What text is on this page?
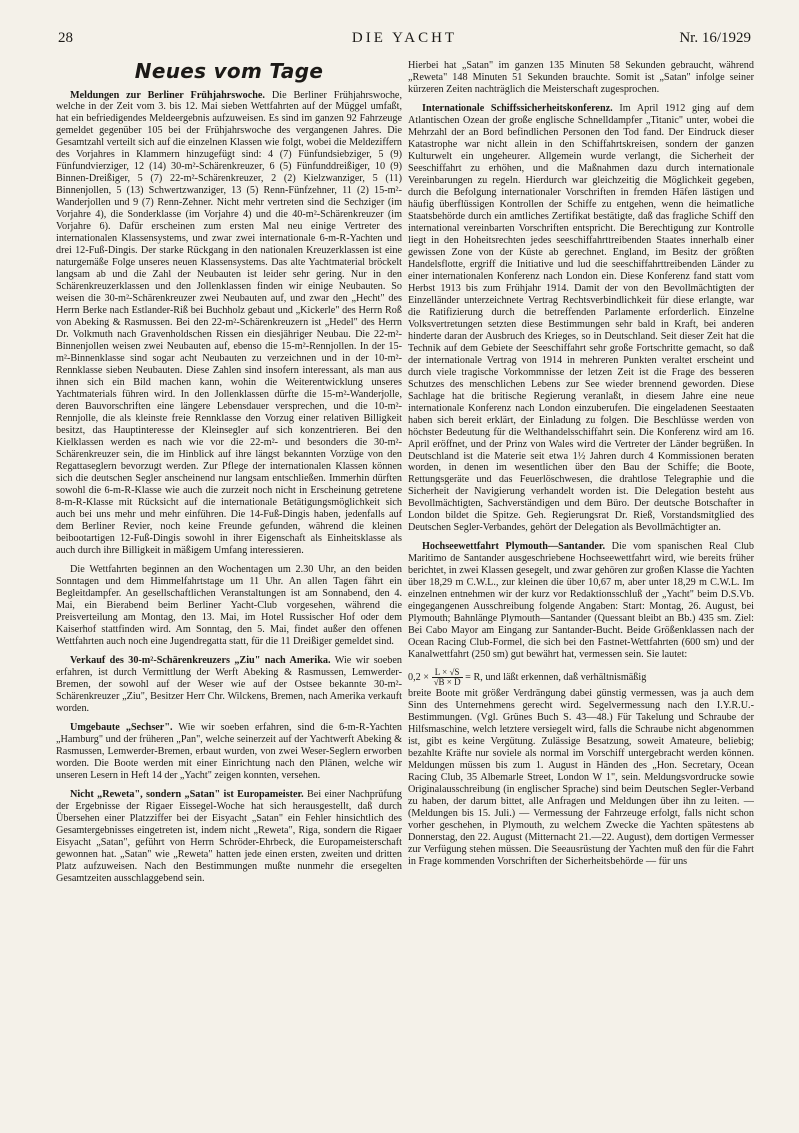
28	DIE YACHT	Nr. 16/1929
Neues vom Tage

Meldungen zur Berliner Frühjahrswoche. Die Berliner Frühjahrswoche, welche in der Zeit vom 3. bis 12. Mai sieben Wettfahrten auf der Müggel umfaßt, hat ein befriedigendes Meldeergebnis aufzuweisen. Es sind im ganzen 92 Fahrzeuge gemeldet gegenüber 105 bei der Frühjahrswoche des vergangenen Jahres. Die Gesamtzahl verteilt sich auf die einzelnen Klassen wie folgt, wobei die Meldeziffern des Vorjahres in Klammern hinzugefügt sind: 4 (7) Fünfundsiebziger, 5 (9) Fünfundvierziger, 12 (14) 30-m²-Schärenkreuzer, 6 (5) Fünfunddreißiger, 10 (9) Binnen-Dreißiger, 5 (7) 22-m²-Schärenkreuzer, 2 (2) Kielzwanziger, 5 (11) Binnenjollen, 5 (13) Schwertzwanziger, 13 (5) Renn-Fünfzehner, 11 (2) 15-m²-Wanderjollen und 9 (7) Renn-Zehner. Nicht mehr vertreten sind die Sechziger (im Vorjahre 4), die Sonderklasse (im Vorjahre 4) und die 40-m²-Schärenkreuzer (im Vorjahre 6). Dafür erscheinen zum ersten Mal neu einige Vertreter des internationalen Klassensystems, und zwar zwei internationale 6-m-R-Yachten und drei 12-Fuß-Dingis. Der starke Rückgang in den nationalen Kreuzerklassen ist eine naturgemäße Folge unseres neuen Klassensystems. Das alte Yachtmaterial bröckelt langsam ab und die Zahl der Neubauten ist leider sehr gering. Nur in den Schärenkreuzerklassen und den Jollenklassen finden wir einige Neubauten. So weisen die 30-m²-Schärenkreuzer zwei Neubauten auf, und zwar den „Hecht" des Herrn Berke nach Estlander-Riß bei Buchholz gebaut und „Kickerle" des Herrn Roß von Abeking & Rasmussen. Bei den 22-m²-Schärenkreuzern ist „Hedel" des Herrn Dr. Volkmuth nach Gravenholdschen Rissen ein diesjähriger Neubau. Die 22-m²-Binnenjollen weisen zwei Neubauten auf, ebenso die 15-m²-Rennjollen. In der 15-m²-Binnenklasse sind sogar acht Neubauten zu verzeichnen und in der 10-m²-Rennklasse sieben Neubauten. Diese Zahlen sind insofern interessant, als man aus ihnen sich ein Bild machen kann, wohin die Weiterentwicklung unseres Yachtmaterials führen wird. In den Jollenklassen dürfte die 15-m²-Wanderjolle, deren Bauvorschriften eine längere Lebensdauer versprechen, und die 10-m²-Rennjolle, die als kleinste freie Rennklasse den Vorzug einer relativen Billigkeit besitzt, das Hauptinteresse der Kleinsegler auf sich konzentrieren. Bei den Kielklassen werden es nach wie vor die 22-m²- und besonders die 30-m²-Schärenkreuzer sein, die im Hinblick auf ihre längst bekannten Vorzüge von den Regattaseglern bevorzugt werden. Zur Pflege der internationalen Klassen können sich die deutschen Segler anscheinend nur langsam entschließen. Immerhin dürften sowohl die 6-m-R-Klasse wie auch die zurzeit noch nicht in Erscheinung getretene 8-m-R-Klasse mit Rücksicht auf die internationale Betätigungsmöglichkeit sich auch bei uns mehr und mehr einführen. Die 14-Fuß-Dingis haben, jedenfalls auf dem Berliner Revier, noch keine Freunde gefunden, während die kleinen beibootartigen 12-Fuß-Dingis sowohl in ihrer Eigenschaft als Einheitsklasse als auch durch ihre Billigkeit in mäßigem Umfang interessieren.

Die Wettfahrten beginnen an den Wochentagen um 2.30 Uhr, an den beiden Sonntagen und dem Himmelfahrtstage um 11 Uhr. An allen Tagen fährt ein Begleitdampfer. An gesellschaftlichen Veranstaltungen ist am Sonnabend, den 4. Mai, ein Bierabend beim Berliner Yacht-Club vorgesehen, während die Preisverteilung am Montag, den 13. Mai, im Hotel Russischer Hof oder dem Kaiserhof stattfinden wird. Am Sonntag, den 5. Mai, findet außer den offenen Wettfahrten auch noch eine Jugendregatta statt, für die 11 Dreißiger gemeldet sind.

Verkauf des 30-m²-Schärenkreuzers „Ziu" nach Amerika. Wie wir soeben erfahren, ist durch Vermittlung der Werft Abeking & Rasmussen, Lemwerder-Bremen, der sowohl auf der Weser wie auf der Ostsee bekannte 30-m²-Schärenkreuzer „Ziu", Besitzer Herr Chr. Wilckens, Bremen, nach Amerika verkauft worden.

Umgebaute „Sechser". Wie wir soeben erfahren, sind die 6-m-R-Yachten „Hamburg" und der früheren „Pan", welche seinerzeit auf der Yachtwerft Abeking & Rasmussen, Lemwerder-Bremen, erbaut wurden, von zwei Weser-Seglern erworben worden. Die Boote werden mit einer Einrichtung nach den Plänen, welche wir unseren Lesern in Heft 14 der „Yacht" zeigen konnten, versehen.

Nicht „Reweta", sondern „Satan" ist Europameister. Bei einer Nachprüfung der Ergebnisse der Rigaer Eissegel-Woche hat sich herausgestellt, daß durch Übersehen einer Platzziffer bei der Eisyacht „Satan" ein Fehler hinsichtlich des Gesamtergebnisses eingetreten ist, indem nicht „Reweta", Riga, sondern die Rigaer Eisyacht „Satan", geführt von Herrn Schröder-Ehrbeck, die Europameisterschaft gewonnen hat. „Satan" wie „Reweta" hatten jede einen ersten, zweiten und dritten Platz aufzuweisen. Nach den Bestimmungen mußte nunmehr die ersegelten Gesamtzeiten ausschlaggebend sein.

Hierbei hat „Satan" im ganzen 135 Minuten 58 Sekunden gebraucht, während „Reweta" 148 Minuten 51 Sekunden brauchte. Somit ist „Satan" infolge seiner kürzeren Zeiten nachträglich die Meisterschaft zugesprochen.

Internationale Schiffssicherheitskonferenz. Im April 1912 ging auf dem Atlantischen Ozean der große englische Schnelldampfer „Titanic" unter, wobei die Mehrzahl der an Bord befindlichen Personen den Tod fand. Der Eindruck dieser Katastrophe war nicht allein in den Schiffahrtskreisen, sondern der ganzen Kulturwelt ein ungeheurer. Allgemein wurde verlangt, die Sicherheit der Seeschiffahrt zu erhöhen, und die Maßnahmen dazu durch internationale Vereinbarungen zu regeln. Hierdurch war gleichzeitig die Möglichkeit gegeben, durch die Befolgung internationaler Vorschriften in fremden Häfen lästigen und häufig überflüssigen Kontrollen der Schiffe zu entgehen, wenn die heimatliche Staatsbehörde durch ein amtliches Zertifikat bestätigte, daß das fragliche Schiff den international vereinbarten Vorschriften entspricht. Die Berechtigung zur Kontrolle liegt in den Hoheitsrechten jedes seeschiffahrttreibenden Staates innerhalb einer gewissen Zone von der Küste ab gerechnet. England, im Besitz der größten Handelsflotte, ergriff die Initiative und lud die seeschiffahrttreibenden Länder zu einer internationalen Konferenz nach London ein. Diese Konferenz fand statt vom Herbst 1913 bis zum Frühjahr 1914. Damit der von den Bevollmächtigten der Einzelländer unterzeichnete Vertrag Rechtsverbindlichkeit für diese erlangte, war die Ratifizierung durch die betreffenden Parlamente erforderlich. Einzelne Volksvertretungen setzten diese Bestimmungen sehr bald in Kraft, bei anderen hinderte daran der Ausbruch des Krieges, so in Deutschland. Seit dieser Zeit hat die Technik auf dem Gebiete der Seeschiffahrt sehr große Fortschritte gemacht, so daß der internationale Vertrag von 1914 in mehreren Punkten veraltet erscheint und durch viele tragische Vorkommnisse der letzen Zeit ist die Frage des besseren Schutzes des menschlichen Lebens zur See wieder brennend geworden. Diese Sachlage hat die britische Regierung veranlaßt, in diesem Jahre eine neue internationale Konferenz nach London einzuberufen. Die eingeladenen Seestaaten haben sich bereit erklärt, der Einladung zu folgen. Die Beschlüsse werden von höchster Bedeutung für die Welthandelsschiffahrt sein. Die Konferenz wird am 16. April eröffnet, und der Prinz von Wales wird die Vertreter der Länder begrüßen. In Deutschland ist die Materie seit etwa 1½ Jahren durch 4 Kommissionen beraten worden, in denen im wesentlichen über den Bau der Schiffe; die Boote, Rettungsgeräte und das Feuerlöschwesen, die drahtlose Telegraphie und die Sicherheit der Navigierung verhandelt worden ist. Die Delegation besteht aus Bevollmächtigten, Sachverständigen und dem Büro. Der deutsche Botschafter in London bildet die Spitze. Geh. Regierungsrat Dr. Rieß, Vorstandsmitglied des Deutschen Segler-Verbandes, gehört der Delegation als Bevollmächtigter an.

Hochseewettfahrt Plymouth—Santander. Die vom spanischen Real Club Maritimo de Santander ausgeschriebene Hochseewettfahrt wird, wie bereits früher berichtet, in zwei Klassen gesegelt, und zwar gehören zur großen Klasse die Yachten über 18,29 m C.W.L., zur kleinen die über 10,67 m, aber unter 18,29 m C.W.L. Im einzelnen entnehmen wir der kurz vor Redaktionsschluß der „Yacht" beim D.S.Vb. eingegangenen Ausschreibung folgende Angaben: Start: Montag, 26. August, bei Plymouth; Bahnlänge Plymouth—Santander (Quessant bleibt an Bb.) 435 sm. Ziel: Bei Cabo Mayor am Eingang zur Santander-Bucht. Beide Größenklassen nach der Ocean Racing Club-Formel, die sich bei den Fastnet-Wettfahrten (600 sm) und der Kanalwettfahrt (250 sm) gut bewährt hat, vermessen sein. Sie lautet:

$0,2 \times \frac{L \times √S}{√B \times D} = R$, und läßt erkennen, daß verhältnismäßig

breite Boote mit größer Verdrängung dabei günstig vermessen, was ja auch dem Sinn des Unternehmens gerecht wird. Segelvermessung nach den I.Y.R.U.-Bestimmungen. (Vgl. Grünes Buch S. 43—48.) Für Takelung und Schraube der Hilfsmaschine, welch letztere versiegelt wird, falls die Schraube nicht abgenommen ist, gibt es keine Vergütung. Zulässige Besatzung, soweit Amateure, beliebig; bezahlte Kräfte nur soviele als normal im Vorschiff untergebracht werden können. Meldungen müssen bis zum 1. August in Händen des „Hon. Secretary, Ocean Racing Club, 35 Albemarle Street, London W 1", sein. Meldungsvordrucke sowie Originalausschreibung (in englischer Sprache) sind beim Deutschen Segler-Verband zu haben, der darum bittet, alle Anfragen und Meldungen über ihn zu leiten. — (Meldungen bis 15. Juli.) — Vermessung der Fahrzeuge erfolgt, falls nicht schon vorher geschehen, in Plymouth, zu welchem Zwecke die Yachten spätestens ab Donnerstag, den 22. August (Mitternacht 21.—22. August), dem dortigen Vermesser zur Verfügung stehen müssen. Die Seeausrüstung der Yachten muß den für die Fahrt in Frage kommenden Vorschriften der Sicherheitsbehörde — für uns
